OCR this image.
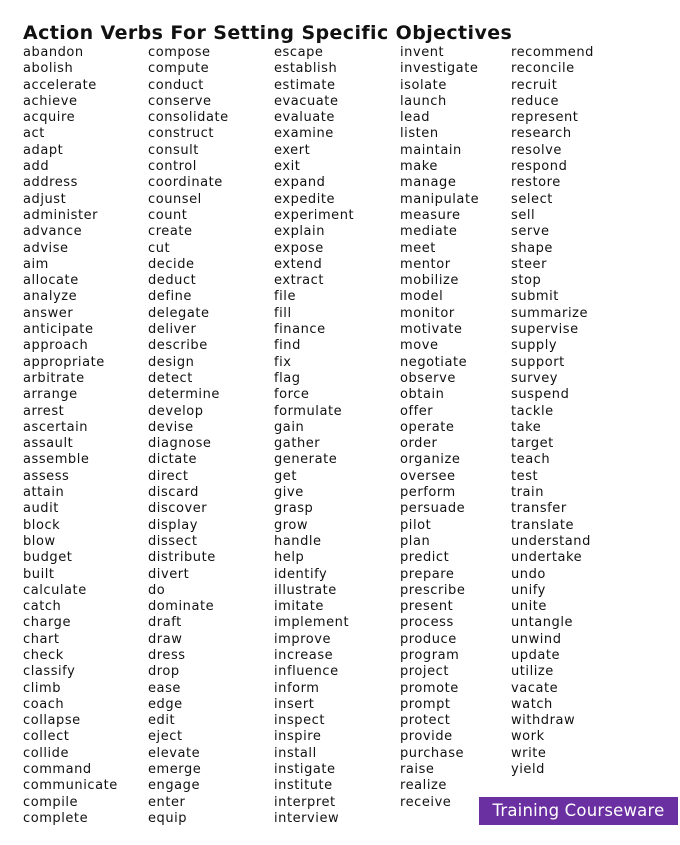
Action Verbs For Setting Specific Objectives
abandon
abolish
accelerate
achieve
acquire
act
adapt
add
address
adjust
administer
advance
advise
aim
allocate
analyze
answer
anticipate
approach
appropriate
arbitrate
arrange
arrest
ascertain
assault
assemble
assess
attain
audit
block
blow
budget
built
calculate
catch
charge
chart
check
classify
climb
coach
collapse
collect
collide
command
communicate
compile
complete
compose
compute
conduct
conserve
consolidate
construct
consult
control
coordinate
counsel
count
create
cut
decide
deduct
define
delegate
deliver
describe
design
detect
determine
develop
devise
diagnose
dictate
direct
discard
discover
display
dissect
distribute
divert
do
dominate
draft
draw
dress
drop
ease
edge
edit
eject
elevate
emerge
engage
enter
equip
escape
establish
estimate
evacuate
evaluate
examine
exert
exit
expand
expedite
experiment
explain
expose
extend
extract
file
fill
finance
find
fix
flag
force
formulate
gain
gather
generate
get
give
grasp
grow
handle
help
identify
illustrate
imitate
implement
improve
increase
influence
inform
insert
inspect
inspire
install
instigate
institute
interpret
interview
invent
investigate
isolate
launch
lead
listen
maintain
make
manage
manipulate
measure
mediate
meet
mentor
mobilize
model
monitor
motivate
move
negotiate
observe
obtain
offer
operate
order
organize
oversee
perform
persuade
pilot
plan
predict
prepare
prescribe
present
process
produce
program
project
promote
prompt
protect
provide
purchase
raise
realize
receive
recommend
reconcile
recruit
reduce
represent
research
resolve
respond
restore
select
sell
serve
shape
steer
stop
submit
summarize
supervise
supply
support
survey
suspend
tackle
take
target
teach
test
train
transfer
translate
understand
undertake
undo
unify
unite
untangle
unwind
update
utilize
vacate
watch
withdraw
work
write
yield
Training Courseware
